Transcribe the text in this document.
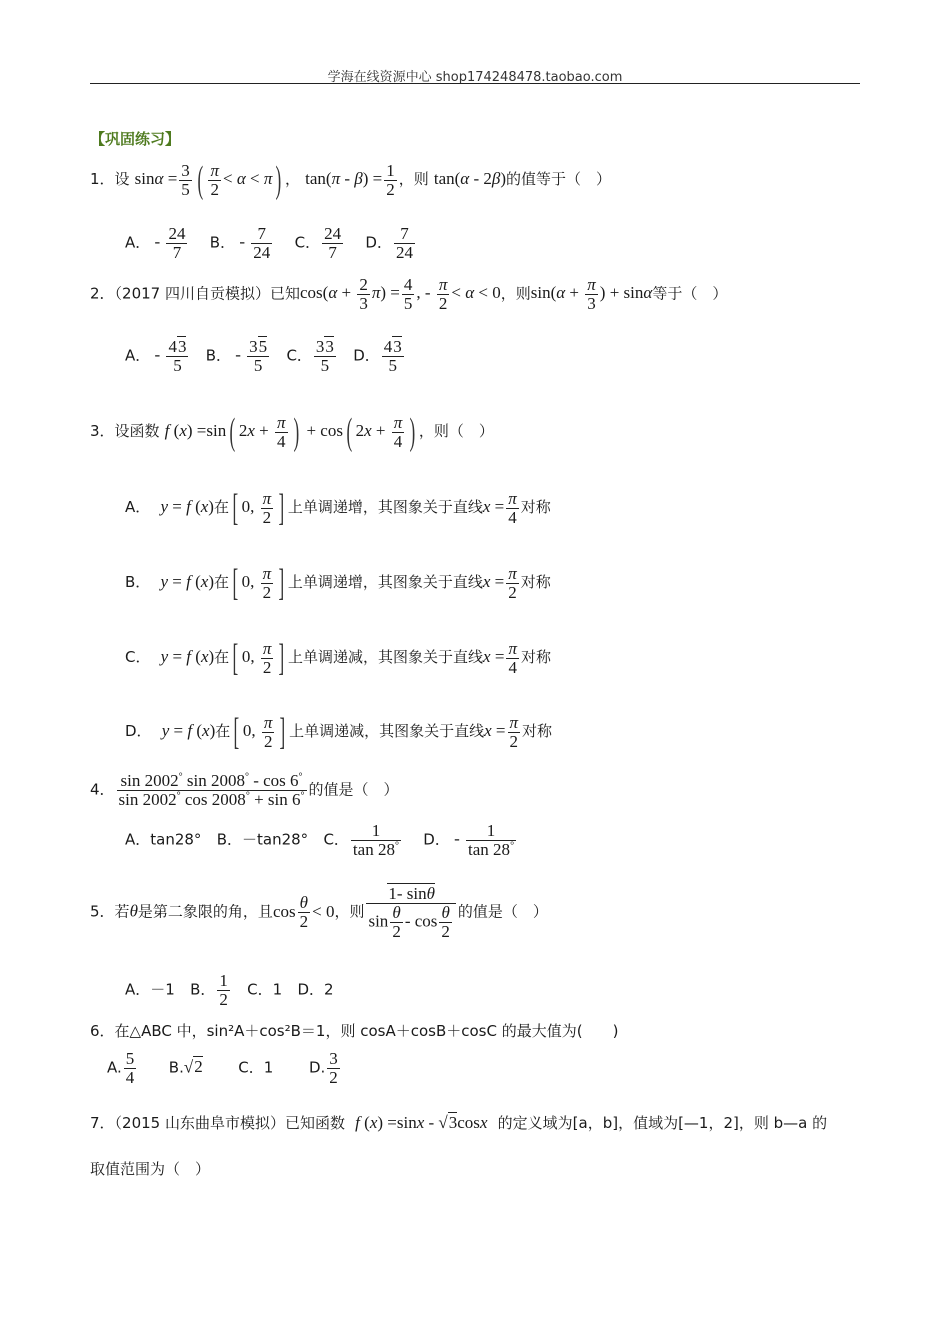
学海在线资源中心 shop174248478.taobao.com
【巩固练习】
1．设 $\sin\alpha = \frac{3}{5}$ ( $\frac{\pi}{2} < \alpha < \pi$) ， $\tan(\pi - \beta) = \frac{1}{2}$ ，则 tan(α - 2β)的值等于（　）
A． - $\frac{24}{7}$ B． - $\frac{7}{24}$ C． $\frac{24}{7}$ D． $\frac{7}{24}$
2．（2017 四川自贡模拟）已知$\cos(\alpha + \frac{2}{3} \pi) = \frac{4}{5}$ , - $\frac{\pi}{2} < \alpha < 0$，则$\sin(\alpha + \frac{\pi}{3}$ ) + sinα等于（　）
A． - $\frac{43}{5}$ B． - $\frac{35}{5}$ C． $\frac{33}{5}$ D． $\frac{43}{5}$
3．设函数 f (x) =sin( $2x + \frac{\pi}{4}$ ) + cos( $2x + \frac{\pi}{4}$ ) ，则（　）
A． y = f (x)在[ 0, $\frac{\pi}{2}$ ] 上单调递增，其图象关于直线$x = \frac{\pi}{4}$ 对称
B． y = f (x)在[ 0, $\frac{\pi}{2}$ ] 上单调递增，其图象关于直线$x = \frac{\pi}{2}$ 对称
C． y = f (x)在[ 0, $\frac{\pi}{2}$ ] 上单调递减，其图象关于直线$x = \frac{\pi}{4}$ 对称
D． y = f (x)在[ 0, $\frac{\pi}{2}$ ] 上单调递减，其图象关于直线$x = \frac{\pi}{2}$ 对称
4． $\frac{\sin 2002^\circ \sin 2008^\circ - \cos 6^\circ}{\sin 2002^\circ \cos 2008^\circ + \sin 6^\circ}$ 的值是（　）
A．tan28° B．－tan28° C． $\frac{1}{\tan 28^\circ}$ D． - $\frac{1}{\tan 28^\circ}$
5．若θ是第二象限的角，且$\cos \frac{\theta}{2} < 0$，则 $\frac{1- \sin\theta}{\sin \frac{\theta}{2} - \cos \frac{\theta}{2}}$ 的值是（　）
A．－1 B． $\frac{1}{2}$ C．1 D．2
6．在△ABC 中，sin²A＋cos²B＝1，则 cosA＋cosB＋cosC 的最大值为(　　)
A. $\frac{5}{4} B.√2$ C．1 D. $\frac{3}{2}$
7．（2015 山东曲阜市模拟）已知函数 f (x) =sinx - √3cosx 的定义域为[a，b]，值域为[—1，2]，则 b—a 的
取值范围为（　）
